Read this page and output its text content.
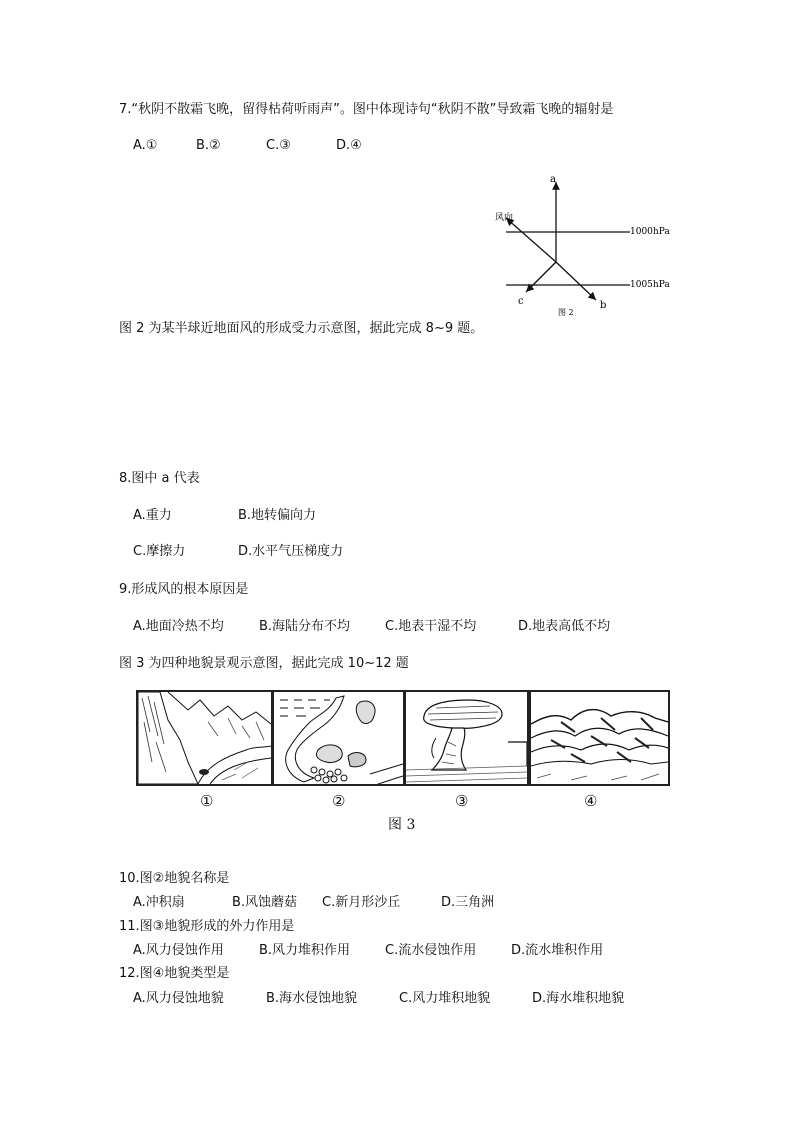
7.“秋阴不散霜飞晚，留得枯荷听雨声”。图中体现诗句“秋阴不散”导致霜飞晚的辐射是
A.①	B.②	C.③	D.④
a
风向
1000hPa
1005hPa
c	b
图 2
图 2 为某半球近地面风的形成受力示意图，据此完成 8~9 题。
8.图中 a 代表
A.重力	B.地转偏向力
C.摩擦力	D.水平气压梯度力
9.形成风的根本原因是
A.地面冷热不均	B.海陆分布不均	C.地表干湿不均	D.地表高低不均
图 3 为四种地貌景观示意图，据此完成 10~12 题
①	②	③	④
图 3
10.图②地貌名称是
A.冲积扇	B.风蚀蘑菇 C.新月形沙丘	D.三角洲
11.图③地貌形成的外力作用是
A.风力侵蚀作用	B.风力堆积作用	C.流水侵蚀作用	D.流水堆积作用
12.图④地貌类型是
A.风力侵蚀地貌	B.海水侵蚀地貌	C.风力堆积地貌	D.海水堆积地貌
